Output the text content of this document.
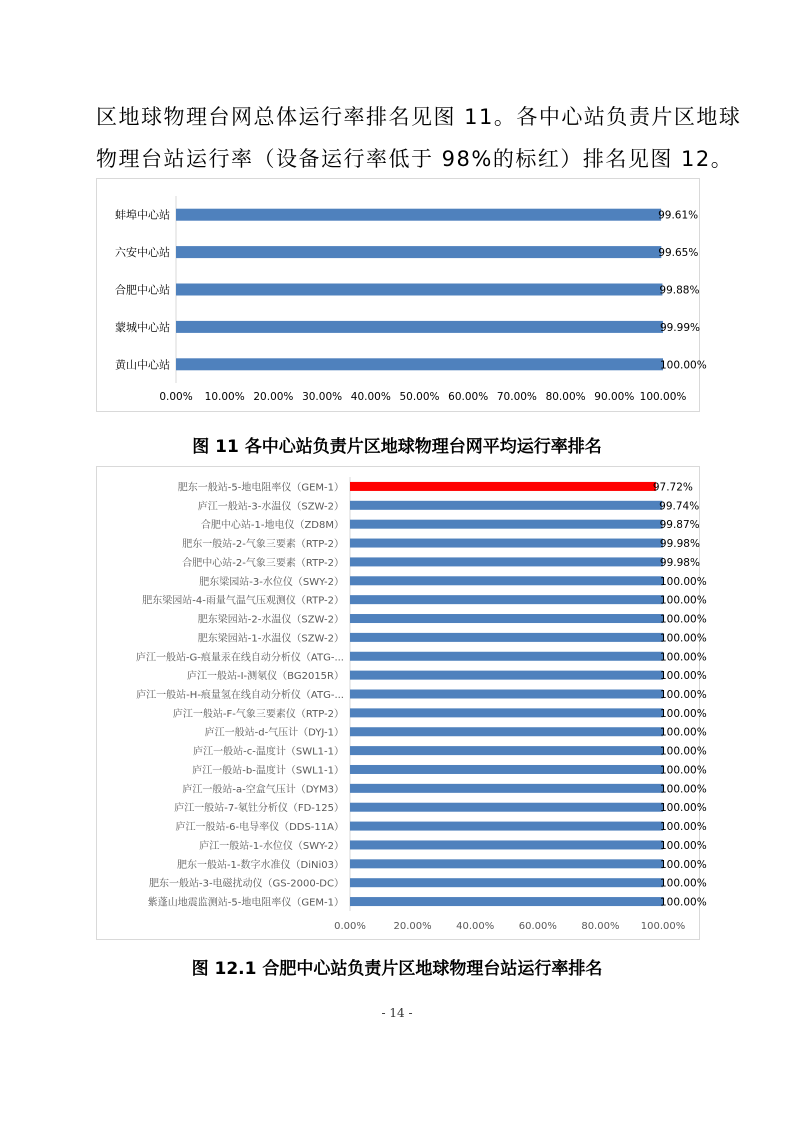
区地球物理台网总体运行率排名见图 11。各中心站负责片区地球
物理台站运行率（设备运行率低于 98%的标红）排名见图 12。
蚌埠中心站	99.61%
六安中心站	99.65%
合肥中心站	99.88%
蒙城中心站	99.99%
黄山中心站	100.00%
0.00% 10.00% 20.00% 30.00% 40.00% 50.00% 60.00% 70.00% 80.00% 90.00% 100.00%
图 11 各中心站负责片区地球物理台网平均运行率排名
肥东一般站-5-地电阻率仪（GEM-1）	97.72%
庐江一般站-3-水温仪（SZW-2）	99.74%
合肥中心站-1-地电仪（ZD8M）	99.87%
肥东一般站-2-气象三要素（RTP-2）	99.98%
合肥中心站-2-气象三要素（RTP-2）	99.98%
肥东梁园站-3-水位仪（SWY-2）	100.00%
肥东梁园站-4-雨量气温气压观测仪（RTP-2）	100.00%
肥东梁园站-2-水温仪（SZW-2）	100.00%
肥东梁园站-1-水温仪（SZW-2）	100.00%
庐江一般站-G-痕量汞在线自动分析仪（ATG-...	100.00%
庐江一般站-I-测氡仪（BG2015R）	100.00%
庐江一般站-H-痕量氢在线自动分析仪（ATG-...	100.00%
庐江一般站-F-气象三要素仪（RTP-2）	100.00%
庐江一般站-d-气压计（DYJ-1）	100.00%
庐江一般站-c-温度计（SWL1-1）	100.00%
庐江一般站-b-温度计（SWL1-1）	100.00%
庐江一般站-a-空盒气压计（DYM3）	100.00%
庐江一般站-7-氡钍分析仪（FD-125）	100.00%
庐江一般站-6-电导率仪（DDS-11A）	100.00%
庐江一般站-1-水位仪（SWY-2）	100.00%
肥东一般站-1-数字水准仪（DiNi03）	100.00%
肥东一般站-3-电磁扰动仪（GS-2000-DC）	100.00%
紫蓬山地震监测站-5-地电阻率仪（GEM-1）	100.00%
0.00%	20.00% 40.00% 60.00% 80.00% 100.00%
图 12.1 合肥中心站负责片区地球物理台站运行率排名
- 14 -
